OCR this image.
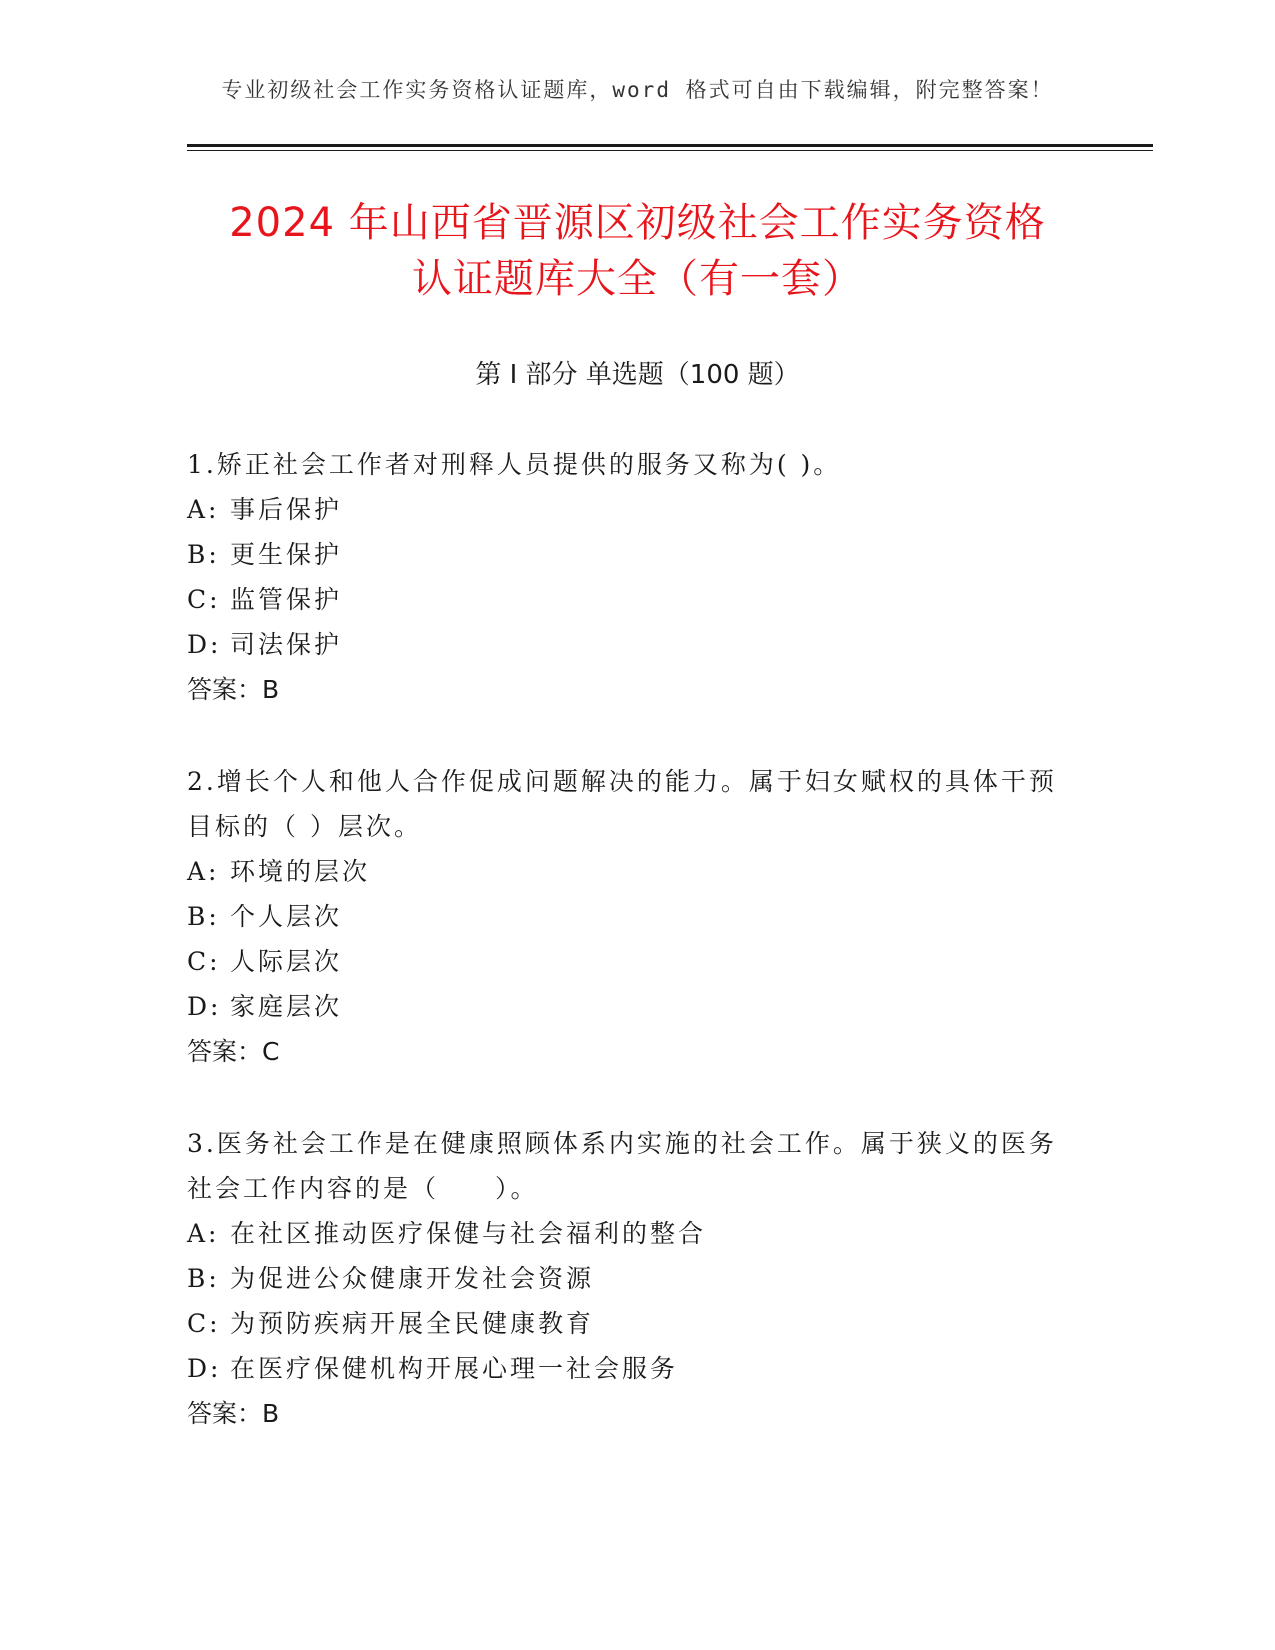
专业初级社会工作实务资格认证题库，word 格式可自由下载编辑，附完整答案！
2024 年山西省晋源区初级社会工作实务资格
认证题库大全（有一套）
第 I 部分 单选题（100 题）

1.矫正社会工作者对刑释人员提供的服务又称为( )。

A: 事后保护

B: 更生保护

C: 监管保护

D: 司法保护

答案：B

2.增长个人和他人合作促成问题解决的能力。属于妇女赋权的具体干预目标的（ ）层次。

A: 环境的层次

B: 个人层次

C: 人际层次

D: 家庭层次

答案：C

3.医务社会工作是在健康照顾体系内实施的社会工作。属于狭义的医务社会工作内容的是（　　）。

A: 在社区推动医疗保健与社会福利的整合

B: 为促进公众健康开发社会资源

C: 为预防疾病开展全民健康教育

D: 在医疗保健机构开展心理一社会服务

答案：B
